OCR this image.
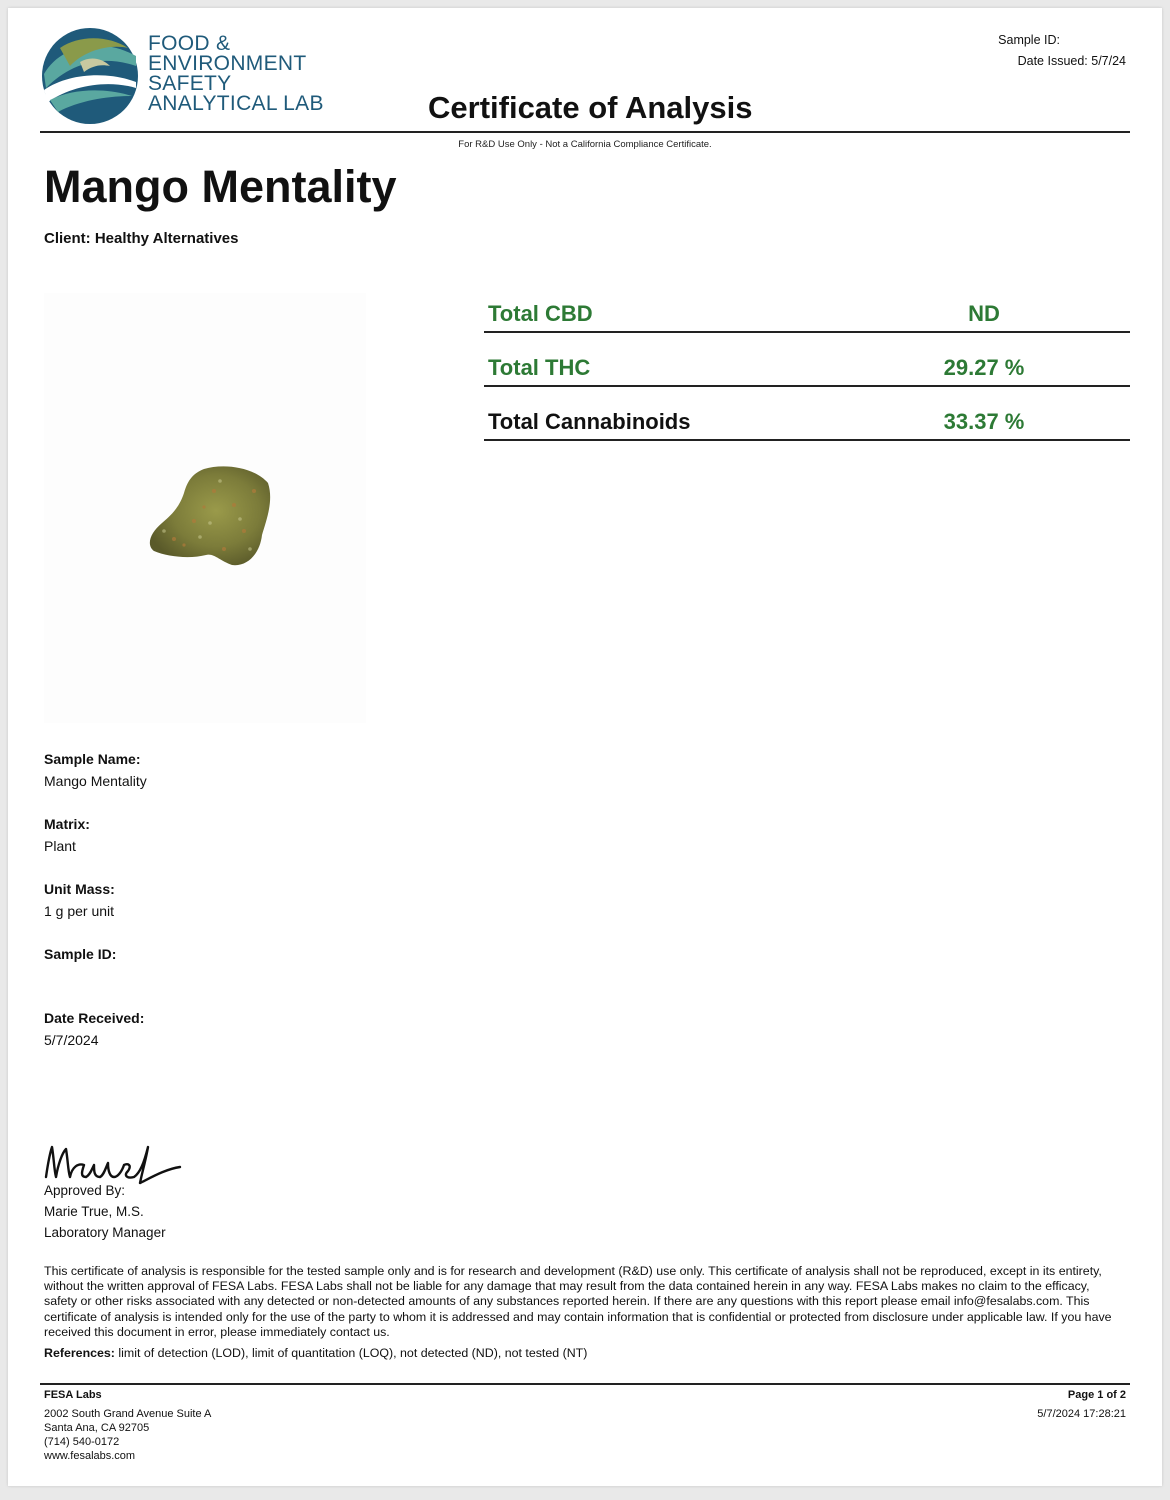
FOOD &
ENVIRONMENT
SAFETY
ANALYTICAL LAB	Certificate of Analysis
Sample ID:
Date Issued: 5/7/24
For R&D Use Only - Not a California Compliance Certificate.
Mango Mentality
Client: Healthy Alternatives
Total CBD	ND
Total THC	29.27 %
Total Cannabinoids	33.37 %
Sample Name:
Mango Mentality
Matrix:
Plant
Unit Mass:
1 g per unit
Sample ID:
Date Received:
5/7/2024
Approved By:
Marie True, M.S.
Laboratory Manager
This certificate of analysis is responsible for the tested sample only and is for research and development (R&D) use only. This certificate of analysis shall not be reproduced, except in its entirety, without the written approval of FESA Labs. FESA Labs shall not be liable for any damage that may result from the data contained herein in any way. FESA Labs makes no claim to the efficacy, safety or other risks associated with any detected or non-detected amounts of any substances reported herein. If there are any questions with this report please email info@fesalabs.com. This certificate of analysis is intended only for the use of the party to whom it is addressed and may contain information that is confidential or protected from disclosure under applicable law. If you have received this document in error, please immediately contact us.
References: limit of detection (LOD), limit of quantitation (LOQ), not detected (ND), not tested (NT)
FESA Labs
2002 South Grand Avenue Suite A
Santa Ana, CA 92705
(714) 540-0172
www.fesalabs.com
Page 1 of 2
5/7/2024 17:28:21
